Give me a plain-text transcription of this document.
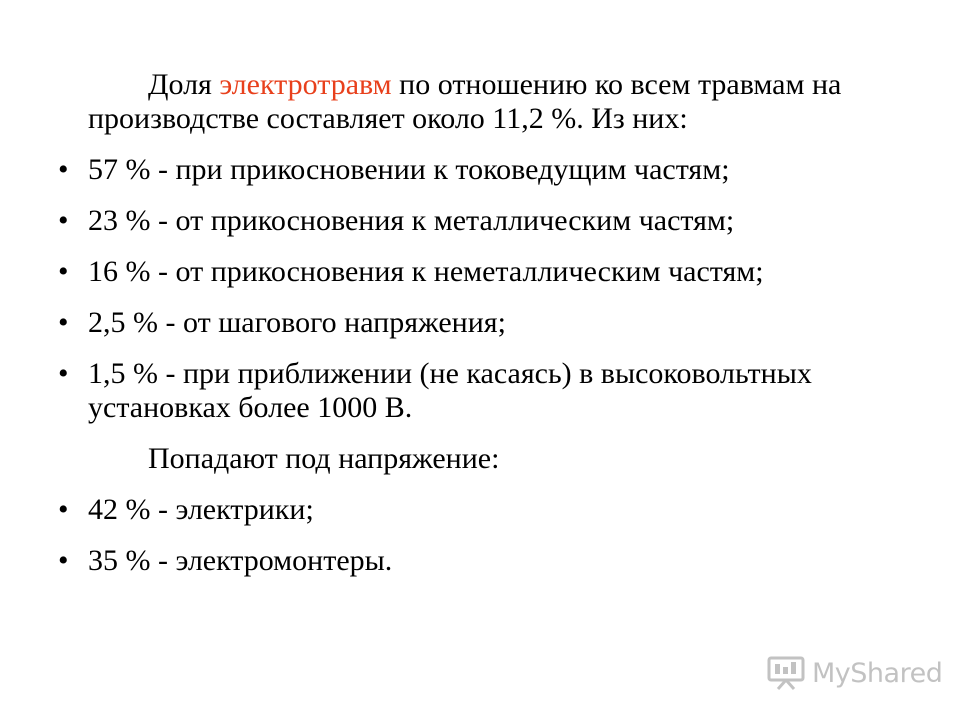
Доля электротравм по отношению ко всем травмам на производстве составляет около 11,2 %. Из них:

• 57 % - при прикосновении к токоведущим частям;
• 23 % - от прикосновения к металлическим частям;
• 16 % - от прикосновения к неметаллическим частям;
• 2,5 % - от шагового напряжения;
• 1,5 % - при приближении (не касаясь) в высоковольтных установках более 1000 В.

Попадают под напряжение:

• 42 % - электрики;
• 35 % - электромонтеры.
MyShared
